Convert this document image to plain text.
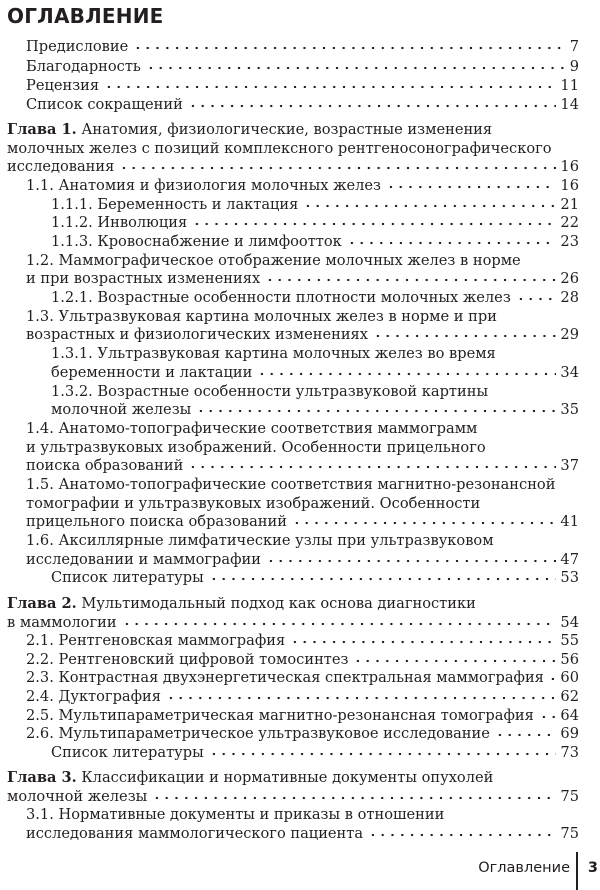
ОГЛАВЛЕНИЕ
Предисловие	7
Благодарность	9
Рецензия	11
Список сокращений	14
Глава 1. Анатомия, физиологические, возрастные изменения
молочных желез с позиций комплексного рентгеносонографического
исследования	16
1.1. Анатомия и физиология молочных желез	16
1.1.1. Беременность и лактация	21
1.1.2. Инволюция	22
1.1.3. Кровоснабжение и лимфоотток	23
1.2. Маммографическое отображение молочных желез в норме
и при возрастных изменениях	26
1.2.1. Возрастные особенности плотности молочных желез	28
1.3. Ультразвуковая картина молочных желез в норме и при
возрастных и физиологических изменениях	29
1.3.1. Ультразвуковая картина молочных желез во время
беременности и лактации	34
1.3.2. Возрастные особенности ультразвуковой картины
молочной железы	35
1.4. Анатомо-топографические соответствия маммограмм
и ультразвуковых изображений. Особенности прицельного
поиска образований	37
1.5. Анатомо-топографические соответствия магнитно-резонансной
томографии и ультразвуковых изображений. Особенности
прицельного поиска образований	41
1.6. Аксиллярные лимфатические узлы при ультразвуковом
исследовании и маммографии	47
Список литературы	53
Глава 2. Мультимодальный подход как основа диагностики
в маммологии	54
2.1. Рентгеновская маммография	55
2.2. Рентгеновский цифровой томосинтез	56
2.3. Контрастная двухэнергетическая спектральная маммография 60
2.4. Дуктография	62
2.5. Мультипараметрическая магнитно-резонансная томография 64
2.6. Мультипараметрическое ультразвуковое исследование	69
Список литературы	73
Глава 3. Классификации и нормативные документы опухолей
молочной железы	75
3.1. Нормативные документы и приказы в отношении
исследования маммологического пациента	75
Оглавление 3
